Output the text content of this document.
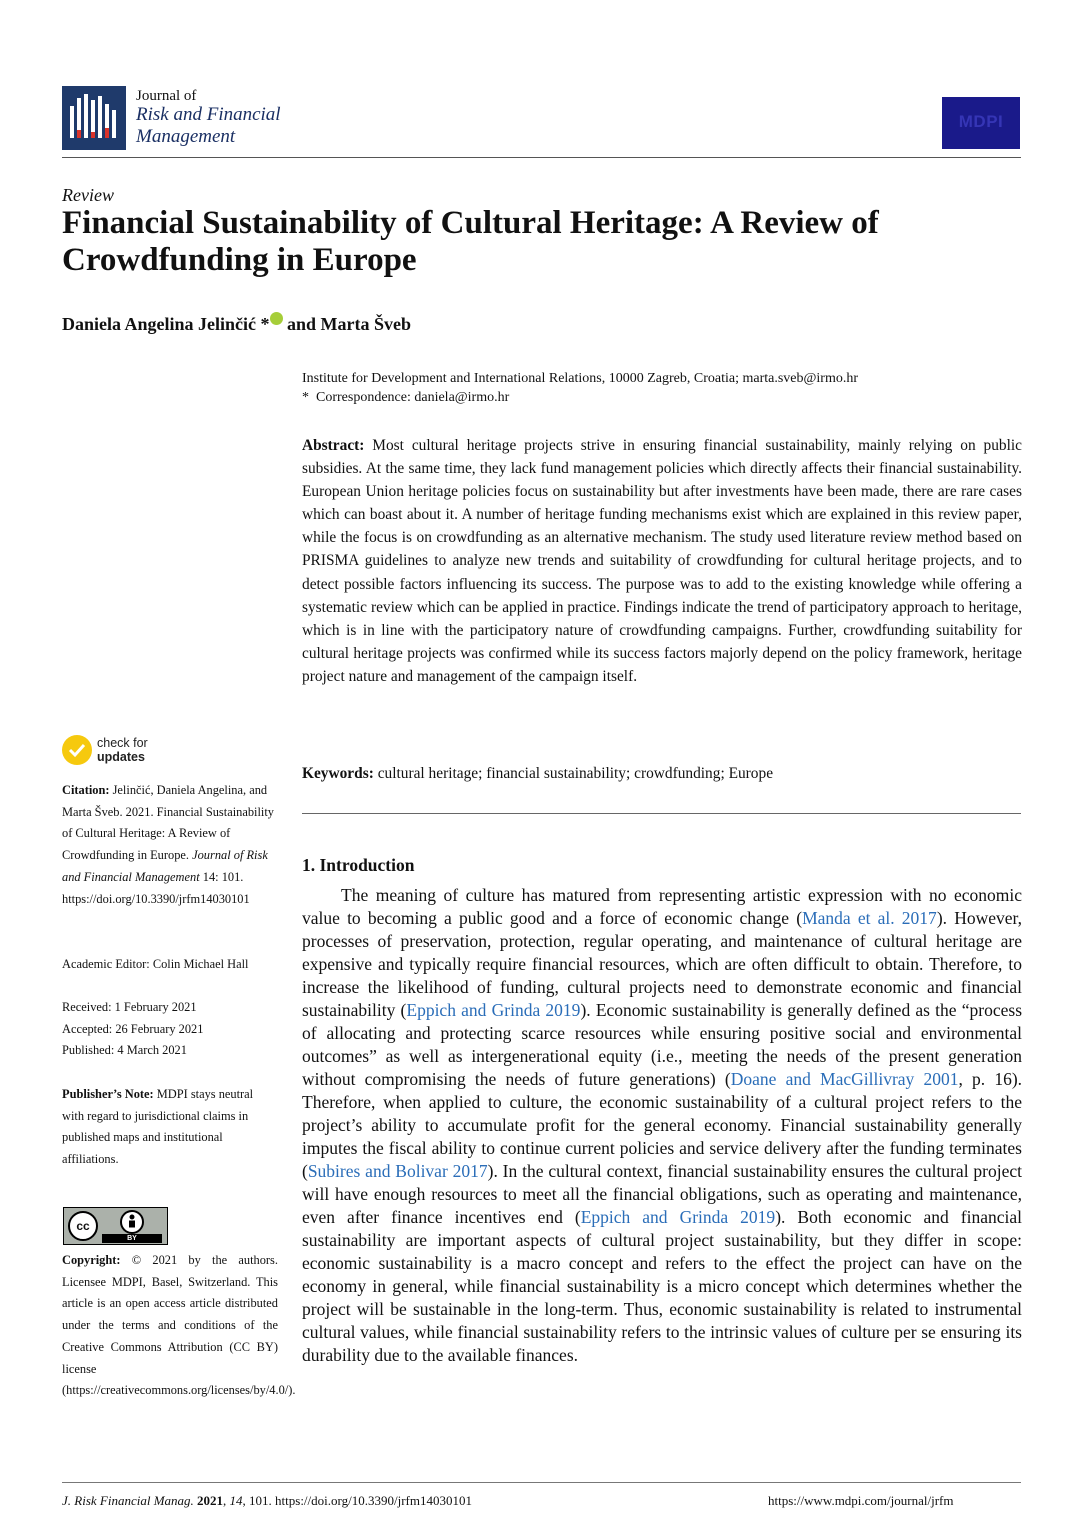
Journal of
Risk and Financial
Management
MDPI
Review
Financial Sustainability of Cultural Heritage: A Review of Crowdfunding in Europe
Daniela Angelina Jelinčić * and Marta Šveb
Institute for Development and International Relations, 10000 Zagreb, Croatia; marta.sveb@irmo.hr
* Correspondence: daniela@irmo.hr
Abstract: Most cultural heritage projects strive in ensuring financial sustainability, mainly relying on public subsidies. At the same time, they lack fund management policies which directly affects their financial sustainability. European Union heritage policies focus on sustainability but after investments have been made, there are rare cases which can boast about it. A number of heritage funding mechanisms exist which are explained in this review paper, while the focus is on crowdfunding as an alternative mechanism. The study used literature review method based on PRISMA guidelines to analyze new trends and suitability of crowdfunding for cultural heritage projects, and to detect possible factors influencing its success. The purpose was to add to the existing knowledge while offering a systematic review which can be applied in practice. Findings indicate the trend of participatory approach to heritage, which is in line with the participatory nature of crowdfunding campaigns. Further, crowdfunding suitability for cultural heritage projects was confirmed while its success factors majorly depend on the policy framework, heritage project nature and management of the campaign itself.
Keywords: cultural heritage; financial sustainability; crowdfunding; Europe
1. Introduction

The meaning of culture has matured from representing artistic expression with no economic value to becoming a public good and a force of economic change (Manda et al. 2017). However, processes of preservation, protection, regular operating, and maintenance of cultural heritage are expensive and typically require financial resources, which are often difficult to obtain. Therefore, to increase the likelihood of funding, cultural projects need to demonstrate economic and financial sustainability (Eppich and Grinda 2019). Economic sustainability is generally defined as the “process of allocating and protecting scarce resources while ensuring positive social and environmental outcomes” as well as intergenerational equity (i.e., meeting the needs of the present generation without compromising the needs of future generations) (Doane and MacGillivray 2001, p. 16). Therefore, when applied to culture, the economic sustainability of a cultural project refers to the project’s ability to accumulate profit for the general economy. Financial sustainability generally imputes the fiscal ability to continue current policies and service delivery after the funding terminates (Subires and Bolivar 2017). In the cultural context, financial sustainability ensures the cultural project will have enough resources to meet all the financial obligations, such as operating and maintenance, even after finance incentives end (Eppich and Grinda 2019). Both economic and financial sustainability are important aspects of cultural project sustainability, but they differ in scope: economic sustainability is a macro concept and refers to the effect the project can have on the economy in general, while financial sustainability is a micro concept which determines whether the project will be sustainable in the long-term. Thus, economic sustainability is related to instrumental cultural values, while financial sustainability refers to the intrinsic values of culture per se ensuring its durability due to the available finances.

check for
updates
Citation: Jelinčić, Daniela Angelina, and Marta Šveb. 2021. Financial Sustainability of Cultural Heritage: A Review of Crowdfunding in Europe. Journal of Risk and Financial Management 14: 101. https://doi.org/10.3390/jrfm14030101
Academic Editor: Colin Michael Hall

Received: 1 February 2021

Accepted: 26 February 2021

Published: 4 March 2021

Publisher’s Note: MDPI stays neutral with regard to jurisdictional claims in published maps and institutional affiliations.
cc
BY
Copyright: © 2021 by the authors. Licensee MDPI, Basel, Switzerland. This article is an open access article distributed under the terms and conditions of the Creative Commons Attribution (CC BY) license (https://creativecommons.org/licenses/by/4.0/).
J. Risk Financial Manag. 2021, 14, 101. https://doi.org/10.3390/jrfm14030101	https://www.mdpi.com/journal/jrfm
